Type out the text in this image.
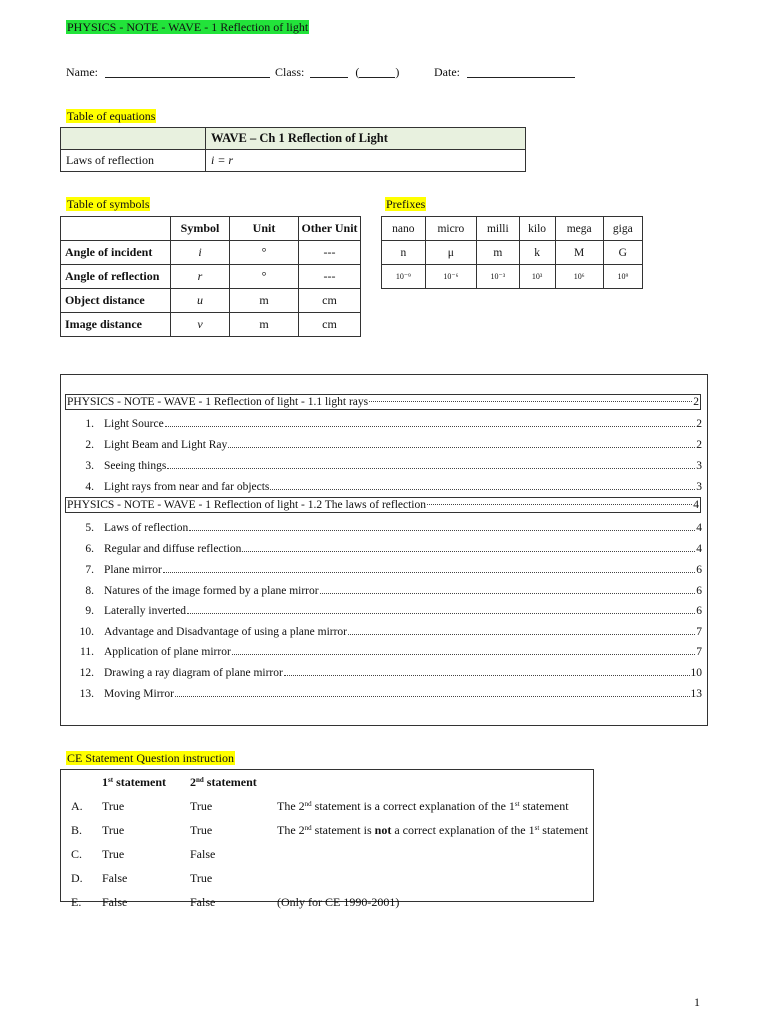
PHYSICS - NOTE - WAVE - 1 Reflection of light
Name:	Class:	(	)	Date:
Table of equations
	WAVE – Ch 1 Reflection of Light
Laws of reflection	i = r
Table of symbols
	Symbol	Unit	Other Unit
Angle of incident	i	°	---
Angle of reflection	r	°	---
Object distance	u	m	cm
Image distance	v	m	cm
Prefixes
nano	micro	milli	kilo	mega	giga
n	μ	m	k	M	G
10⁻⁹	10⁻⁶	10⁻³	10³	10⁶	10⁹
PHYSICS - NOTE - WAVE - 1 Reflection of light - 1.1 light rays	2
1. Light Source	2
2. Light Beam and Light Ray	2
3. Seeing things	3
4. Light rays from near and far objects	3
PHYSICS - NOTE - WAVE - 1 Reflection of light - 1.2 The laws of reflection	4
5. Laws of reflection	4
6. Regular and diffuse reflection	4
7. Plane mirror	6
8. Natures of the image formed by a plane mirror	6
9. Laterally inverted	6
10. Advantage and Disadvantage of using a plane mirror	7
11. Application of plane mirror	7
12. Drawing a ray diagram of plane mirror	10
13. Moving Mirror	13
CE Statement Question instruction
	1st statement	2nd statement	
A.	True	True	The 2nd statement is a correct explanation of the 1st statement
B.	True	True	The 2nd statement is not a correct explanation of the 1st statement
C.	True	False	
D.	False	True	
E.	False	False	(Only for CE 1990-2001)
1
